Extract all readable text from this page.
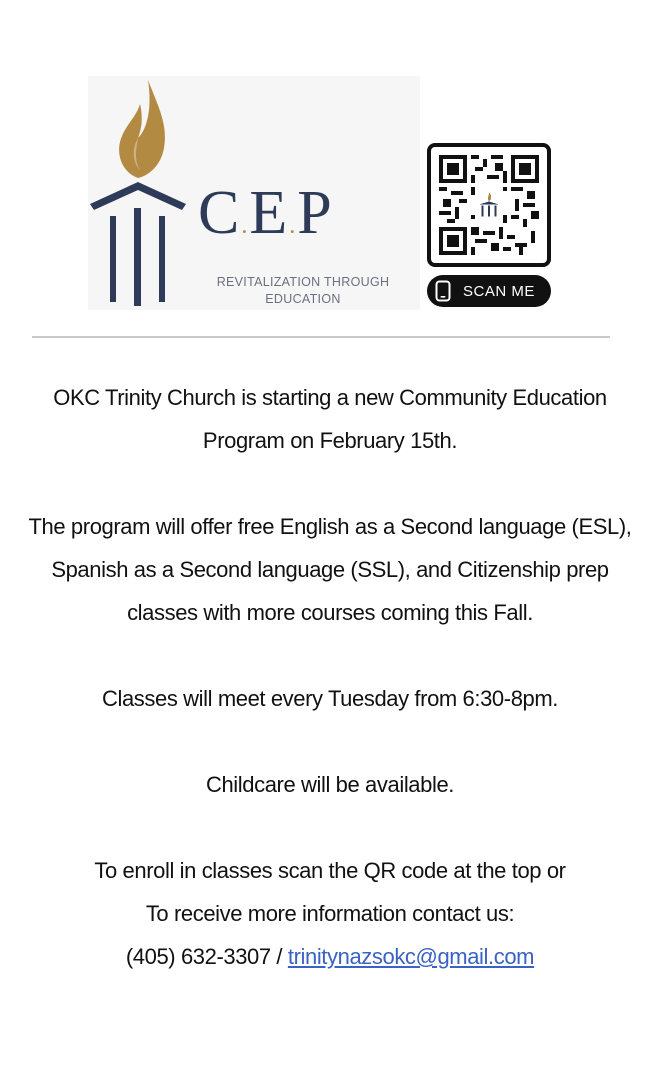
C.E.P
REVITALIZATION THROUGH
EDUCATION	SCAN ME

OKC Trinity Church is starting a new Community Education

Program on February 15th.

The program will offer free English as a Second language (ESL),

Spanish as a Second language (SSL), and Citizenship prep

classes with more courses coming this Fall.

Classes will meet every Tuesday from 6:30-8pm.

Childcare will be available.

To enroll in classes scan the QR code at the top or

To receive more information contact us:

(405) 632-3307 / trinitynazsokc@gmail.com
